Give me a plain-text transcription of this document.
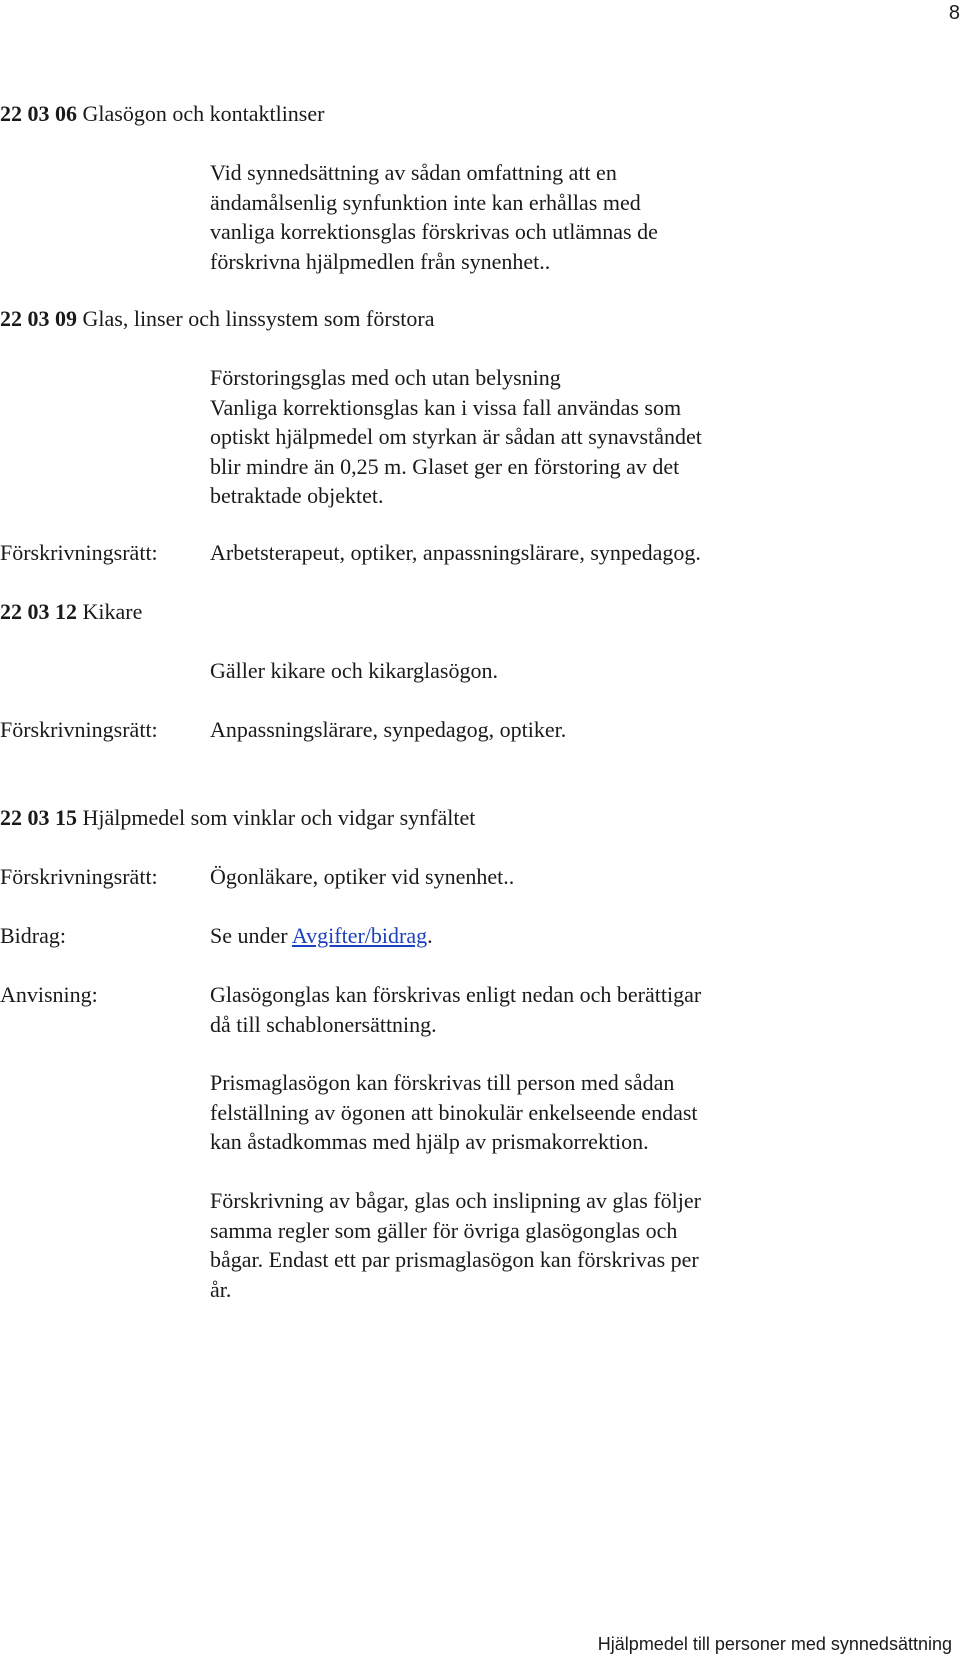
8
22 03 06 Glasögon och kontaktlinser

Vid synnedsättning av sådan omfattning att en
ändamålsenlig synfunktion inte kan erhållas med
vanliga korrektionsglas förskrivas och utlämnas de
förskrivna hjälpmedlen från synenhet..

22 03 09 Glas, linser och linssystem som förstora

Förstoringsglas med och utan belysning
Vanliga korrektionsglas kan i vissa fall användas som
optiskt hjälpmedel om styrkan är sådan att synavståndet
blir mindre än 0,25 m. Glaset ger en förstoring av det
betraktade objektet.

Förskrivningsrätt: Arbetsterapeut, optiker, anpassningslärare, synpedagog.

22 03 12 Kikare

Gäller kikare och kikarglasögon.

Förskrivningsrätt: Anpassningslärare, synpedagog, optiker.

22 03 15 Hjälpmedel som vinklar och vidgar synfältet
Förskrivningsrätt: Ögonläkare, optiker vid synenhet..

Bidrag:	Se under Avgifter/bidrag.

Anvisning:	Glasögonglas kan förskrivas enligt nedan och berättigar
då till schablonersättning.

Prismaglasögon kan förskrivas till person med sådan
felställning av ögonen att binokulär enkelseende endast
kan åstadkommas med hjälp av prismakorrektion.

Förskrivning av bågar, glas och inslipning av glas följer
samma regler som gäller för övriga glasögonglas och
bågar. Endast ett par prismaglasögon kan förskrivas per
år.

Hjälpmedel till personer med synnedsättning
